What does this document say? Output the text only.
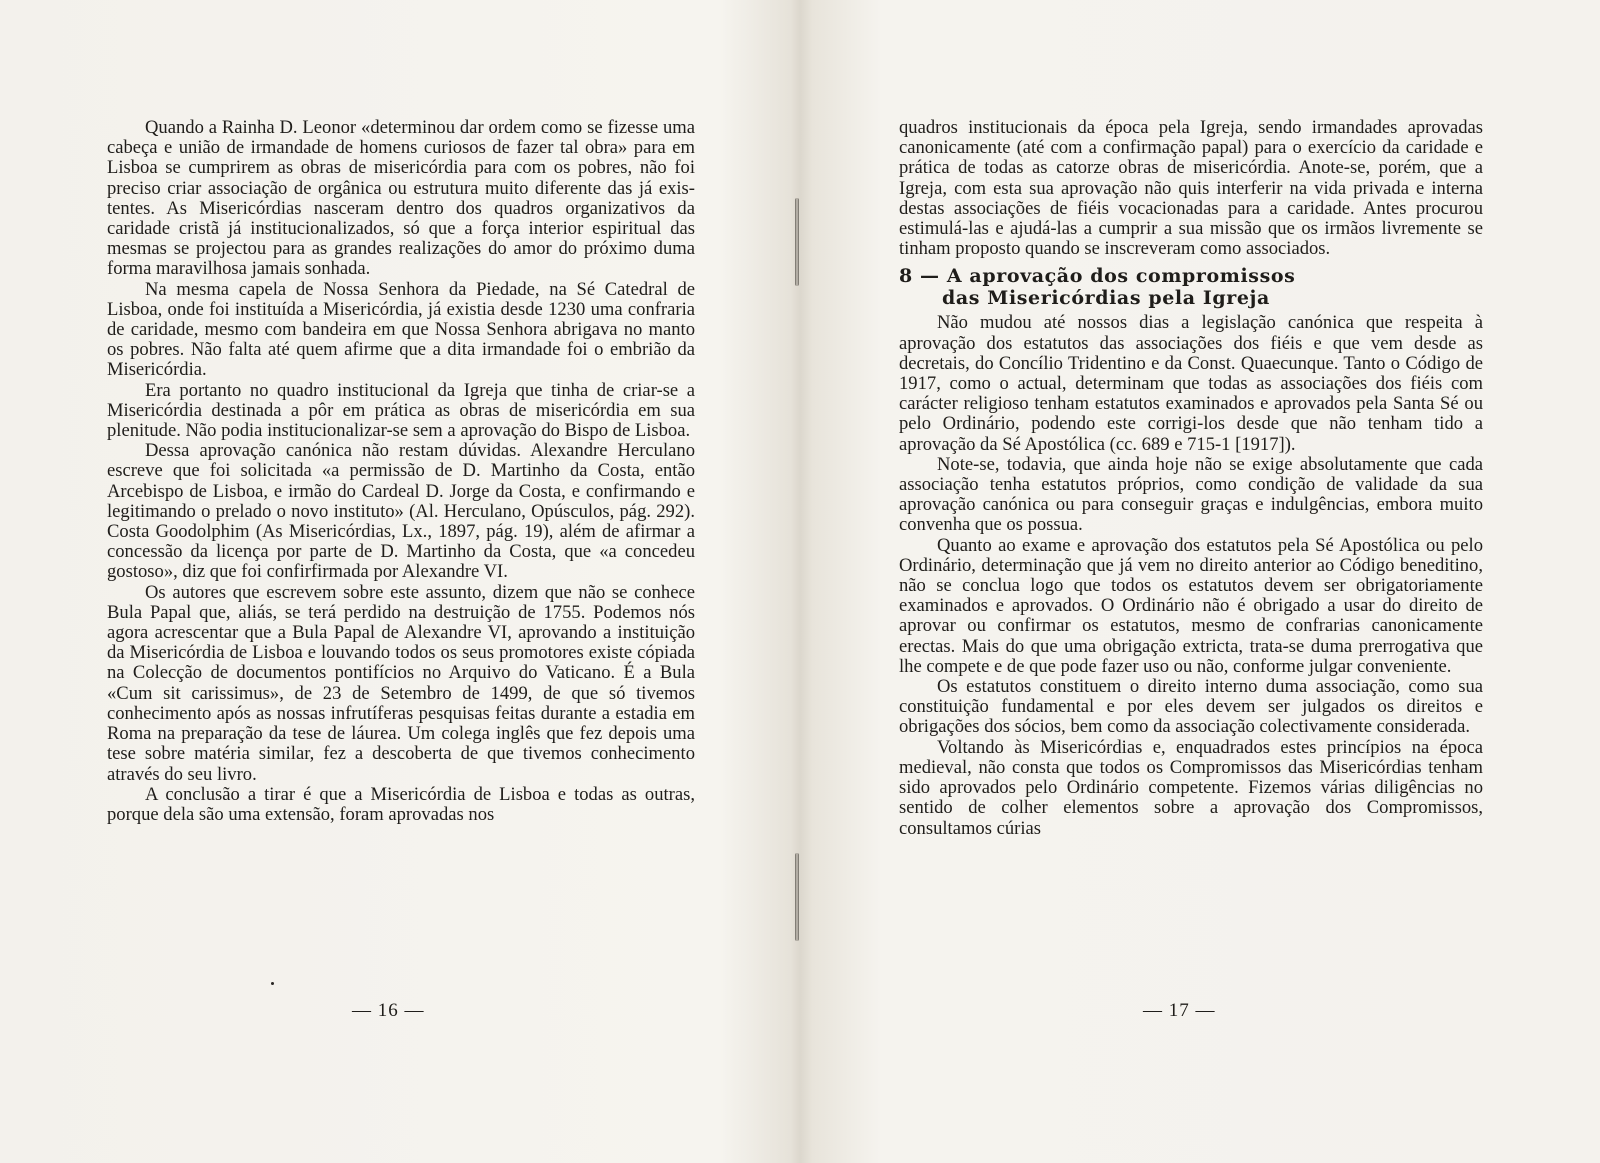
Quando a Rainha D. Leonor «determinou dar ordem como se fizesse uma cabeça e união de irmandade de homens curiosos de fazer tal obra» para em Lisboa se cumprirem as obras de misericórdia para com os pobres, não foi preciso criar associação de orgânica ou estrutura muito diferente das já existentes. As Misericórdias nasceram dentro dos quadros organizativos da caridade cristã já institucionalizados, só que a força interior espiritual das mesmas se projectou para as grandes realizações do amor do próximo duma forma maravilhosa jamais sonhada.

Na mesma capela de Nossa Senhora da Piedade, na Sé Catedral de Lisboa, onde foi instituída a Misericórdia, já existia desde 1230 uma confraria de caridade, mesmo com bandeira em que Nossa Senhora abrigava no manto os pobres. Não falta até quem afirme que a dita irmandade foi o embrião da Misericórdia.

Era portanto no quadro institucional da Igreja que tinha de criar-se a Misericórdia destinada a pôr em prática as obras de misericórdia em sua plenitude. Não podia institucionalizar-se sem a aprovação do Bispo de Lisboa.

Dessa aprovação canónica não restam dúvidas. Alexandre Herculano escreve que foi solicitada «a permissão de D. Martinho da Costa, então Arcebispo de Lisboa, e irmão do Cardeal D. Jorge da Costa, e confirmando e legitimando o prelado o novo instituto» (Al. Herculano, Opúsculos, pág. 292). Costa Goodolphim (As Misericórdias, Lx., 1897, pág. 19), além de afirmar a concessão da licença por parte de D. Martinho da Costa, que «a concedeu gostoso», diz que foi confirfirmada por Alexandre VI.

Os autores que escrevem sobre este assunto, dizem que não se conhece Bula Papal que, aliás, se terá perdido na destruição de 1755. Podemos nós agora acrescentar que a Bula Papal de Alexandre VI, aprovando a instituição da Misericórdia de Lisboa e louvando todos os seus promotores existe cópiada na Colecção de documentos pontifícios no Arquivo do Vaticano. É a Bula «Cum sit carissimus», de 23 de Setembro de 1499, de que só tivemos conhecimento após as nossas infrutíferas pesquisas feitas durante a estadia em Roma na preparação da tese de láurea. Um colega inglês que fez depois uma tese sobre matéria similar, fez a descoberta de que tivemos conhecimento através do seu livro.

A conclusão a tirar é que a Misericórdia de Lisboa e todas as outras, porque dela são uma extensão, foram aprovadas nos

— 16 —

quadros institucionais da época pela Igreja, sendo irmandades aprovadas canonicamente (até com a confirmação papal) para o exercício da caridade e prática de todas as catorze obras de misericórdia. Anote-se, porém, que a Igreja, com esta sua aprovação não quis interferir na vida privada e interna destas associações de fiéis vocacionadas para a caridade. Antes procurou estimulá-las e ajudá-las a cumprir a sua missão que os irmãos livremente se tinham proposto quando se inscreveram como associados.

8 — A aprovação dos compromissos
das Misericórdias pela Igreja

Não mudou até nossos dias a legislação canónica que respeita à aprovação dos estatutos das associações dos fiéis e que vem desde as decretais, do Concílio Tridentino e da Const. Quaecunque. Tanto o Código de 1917, como o actual, determinam que todas as associações dos fiéis com carácter religioso tenham estatutos examinados e aprovados pela Santa Sé ou pelo Ordinário, podendo este corrigi-los desde que não tenham tido a aprovação da Sé Apostólica (cc. 689 e 715-1 [1917]).

Note-se, todavia, que ainda hoje não se exige absolutamente que cada associação tenha estatutos próprios, como condição de validade da sua aprovação canónica ou para conseguir graças e indulgências, embora muito convenha que os possua.

Quanto ao exame e aprovação dos estatutos pela Sé Apostólica ou pelo Ordinário, determinação que já vem no direito anterior ao Código beneditino, não se conclua logo que todos os estatutos devem ser obrigatoriamente examinados e aprovados. O Ordinário não é obrigado a usar do direito de aprovar ou confirmar os estatutos, mesmo de confrarias canonicamente erectas. Mais do que uma obrigação extricta, trata-se duma prerrogativa que lhe compete e de que pode fazer uso ou não, conforme julgar conveniente.

Os estatutos constituem o direito interno duma associação, como sua constituição fundamental e por eles devem ser julgados os direitos e obrigações dos sócios, bem como da associação colectivamente considerada.

Voltando às Misericórdias e, enquadrados estes princípios na época medieval, não consta que todos os Compromissos das Misericórdias tenham sido aprovados pelo Ordinário competente. Fizemos várias diligências no sentido de colher elementos sobre a aprovação dos Compromissos, consultamos cúrias

— 17 —
